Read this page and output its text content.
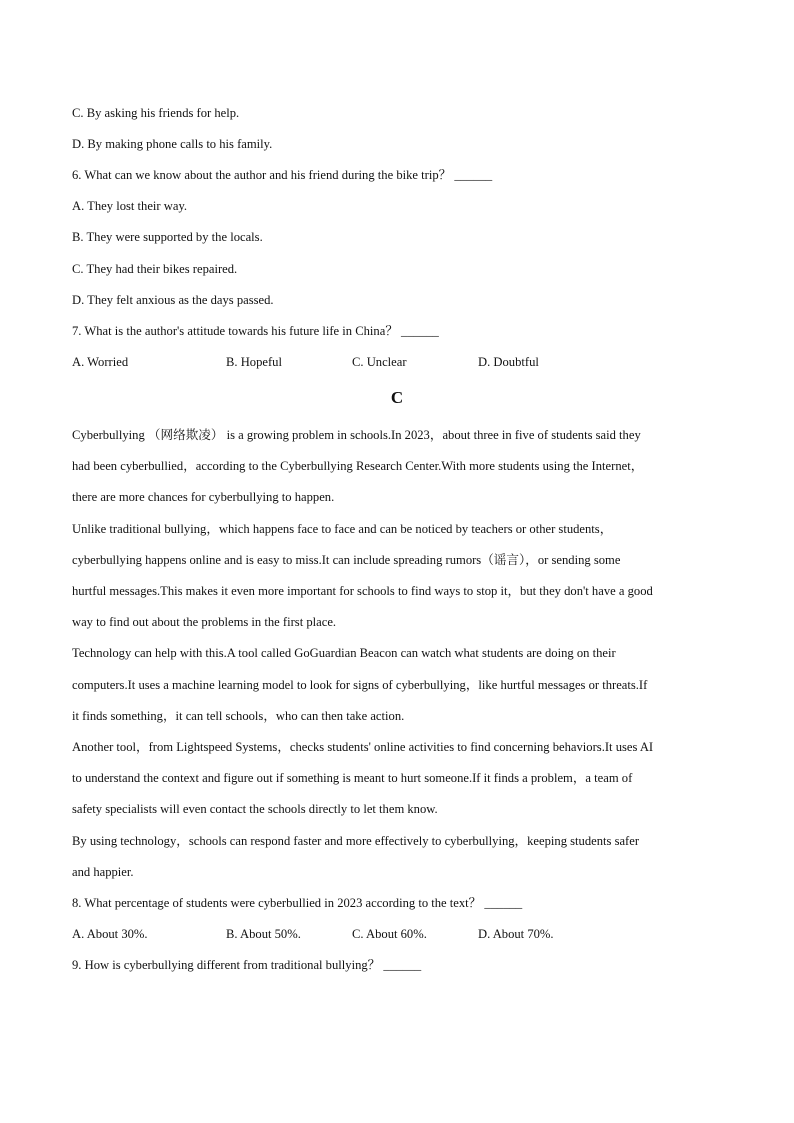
C. By asking his friends for help.
D. By making phone calls to his family.
6. What can we know about the author and his friend during the bike trip？ ______
A. They lost their way.
B. They were supported by the locals.
C. They had their bikes repaired.
D. They felt anxious as the days passed.
7. What is the author's attitude towards his future life in China？ ______
A. Worried	B. Hopeful	C. Unclear	D. Doubtful
C
Cyberbullying （网络欺凌） is a growing problem in schools.In 2023，about three in five of students said they
had been cyberbullied，according to the Cyberbullying Research Center.With more students using the Internet，
there are more chances for cyberbullying to happen.
Unlike traditional bullying，which happens face to face and can be noticed by teachers or other students，
cyberbullying happens online and is easy to miss.It can include spreading rumors（谣言），or sending some
hurtful messages.This makes it even more important for schools to find ways to stop it，but they don't have a good
way to find out about the problems in the first place.
Technology can help with this.A tool called GoGuardian Beacon can watch what students are doing on their
computers.It uses a machine learning model to look for signs of cyberbullying，like hurtful messages or threats.If
it finds something，it can tell schools，who can then take action.
Another tool，from Lightspeed Systems，checks students' online activities to find concerning behaviors.It uses AI
to understand the context and figure out if something is meant to hurt someone.If it finds a problem，a team of
safety specialists will even contact the schools directly to let them know.
By using technology，schools can respond faster and more effectively to cyberbullying，keeping students safer
and happier.
8. What percentage of students were cyberbullied in 2023 according to the text？ ______
A. About 30%.	B. About 50%.	C. About 60%.	D. About 70%.
9. How is cyberbullying different from traditional bullying？ ______
